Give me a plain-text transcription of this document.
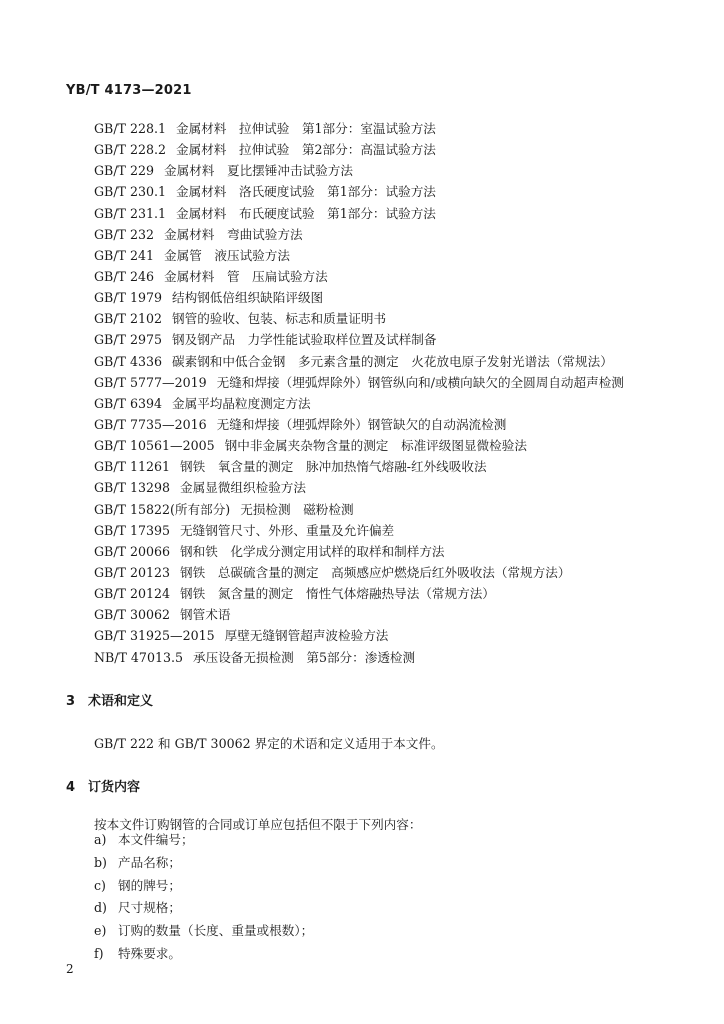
YB/T 4173—2021
GB/T 228.1 金属材料　拉伸试验　第1部分：室温试验方法
GB/T 228.2 金属材料　拉伸试验　第2部分：高温试验方法
GB/T 229 金属材料　夏比摆锤冲击试验方法
GB/T 230.1 金属材料　洛氏硬度试验　第1部分：试验方法
GB/T 231.1 金属材料　布氏硬度试验　第1部分：试验方法
GB/T 232 金属材料　弯曲试验方法
GB/T 241 金属管　液压试验方法
GB/T 246 金属材料　管　压扁试验方法
GB/T 1979 结构钢低倍组织缺陷评级图
GB/T 2102 钢管的验收、包装、标志和质量证明书
GB/T 2975 钢及钢产品　力学性能试验取样位置及试样制备
GB/T 4336 碳素钢和中低合金钢　多元素含量的测定　火花放电原子发射光谱法（常规法）
GB/T 5777—2019 无缝和焊接（埋弧焊除外）钢管纵向和/或横向缺欠的全圆周自动超声检测
GB/T 6394 金属平均晶粒度测定方法
GB/T 7735—2016 无缝和焊接（埋弧焊除外）钢管缺欠的自动涡流检测
GB/T 10561—2005 钢中非金属夹杂物含量的测定　标准评级图显微检验法
GB/T 11261 钢铁　氧含量的测定　脉冲加热惰气熔融-红外线吸收法
GB/T 13298 金属显微组织检验方法
GB/T 15822(所有部分) 无损检测　磁粉检测
GB/T 17395 无缝钢管尺寸、外形、重量及允许偏差
GB/T 20066 钢和铁　化学成分测定用试样的取样和制样方法
GB/T 20123 钢铁　总碳硫含量的测定　高频感应炉燃烧后红外吸收法（常规方法）
GB/T 20124 钢铁　氮含量的测定　惰性气体熔融热导法（常规方法）
GB/T 30062 钢管术语
GB/T 31925—2015 厚壁无缝钢管超声波检验方法
NB/T 47013.5 承压设备无损检测　第5部分：渗透检测
3 术语和定义
GB/T 222 和 GB/T 30062 界定的术语和定义适用于本文件。
4 订货内容
按本文件订购钢管的合同或订单应包括但不限于下列内容：
a) 本文件编号；
b) 产品名称；
c) 钢的牌号；
d) 尺寸规格；
e) 订购的数量（长度、重量或根数）；
f) 特殊要求。
2
